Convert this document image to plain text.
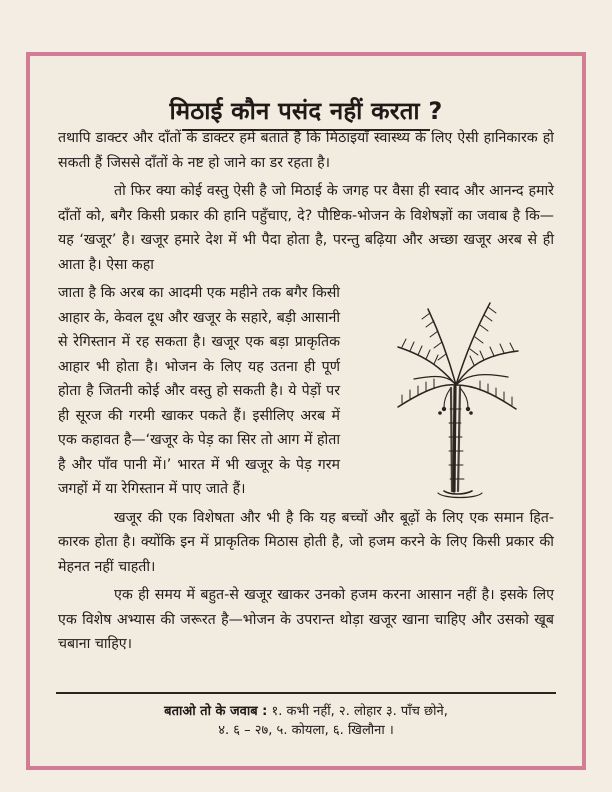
मिठाई कौन पसंद नहीं करता ?

तथापि डाक्टर और दाँतों के डाक्टर हमें बताते हैं कि मिठाइयाँ स्वास्थ्य के लिए ऐसी हानिकारक हो सकती हैं जिससे दाँतों के नष्ट हो जाने का डर रहता है।

तो फिर क्या कोई वस्तु ऐसी है जो मिठाई के जगह पर वैसा ही स्वाद और आनन्द हमारे दाँतों को, बगैर किसी प्रकार की हानि पहुँचाए, दे? पौष्टिक-भोजन के विशेषज्ञों का जवाब है कि—यह ‘खजूर’ है। खजूर हमारे देश में भी पैदा होता है, परन्तु बढ़िया और अच्छा खजूर अरब से ही आता है। ऐसा कहा

जाता है कि अरब का आदमी एक महीने तक बगैर किसी आहार के, केवल दूध और खजूर के सहारे, बड़ी आसानी से रेगिस्तान में रह सकता है। खजूर एक बड़ा प्राकृतिक आहार भी होता है। भोजन के लिए यह उतना ही पूर्ण होता है जितनी कोई और वस्तु हो सकती है। ये पेड़ों पर ही सूरज की गरमी खाकर पकते हैं। इसीलिए अरब में एक कहावत है—‘खजूर के पेड़ का सिर तो आग में होता है और पाँव पानी में।’ भारत में भी खजूर के पेड़ गरम जगहों में या रेगिस्तान में पाए जाते हैं।

खजूर की एक विशेषता और भी है कि यह बच्चों और बूढ़ों के लिए एक समान हित-कारक होता है। क्योंकि इन में प्राकृतिक मिठास होती है, जो हजम करने के लिए किसी प्रकार की मेहनत नहीं चाहती।

एक ही समय में बहुत-से खजूर खाकर उनको हजम करना आसान नहीं है। इसके लिए एक विशेष अभ्यास की जरूरत है—भोजन के उपरान्त थोड़ा खजूर खाना चाहिए और उसको खूब चबाना चाहिए।

बताओ तो के जवाब : १. कभी नहीं, २. लोहार ३. पाँच छोने,
४. ६ – २७, ५. कोयला, ६. खिलौना ।
